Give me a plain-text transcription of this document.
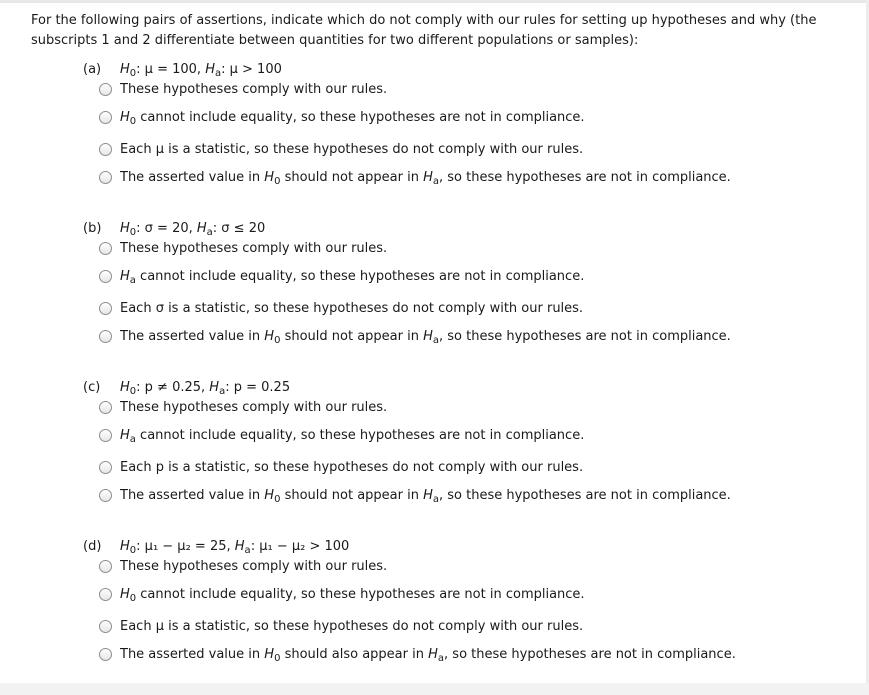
For the following pairs of assertions, indicate which do not comply with our rules for setting up hypotheses and why (the subscripts 1 and 2 differentiate between quantities for two different populations or samples):
(a) $H_0$: μ = 100, $H_a$: μ > 100
These hypotheses comply with our rules.
$H_0$ cannot include equality, so these hypotheses are not in compliance.
Each μ is a statistic, so these hypotheses do not comply with our rules.
The asserted value in $H_0$ should not appear in $H_a$, so these hypotheses are not in compliance.
(b) $H_0$: σ = 20, $H_a$: σ ≤ 20
These hypotheses comply with our rules.
$H_a$ cannot include equality, so these hypotheses are not in compliance.
Each σ is a statistic, so these hypotheses do not comply with our rules.
The asserted value in $H_0$ should not appear in $H_a$, so these hypotheses are not in compliance.
(c) $H_0$: p ≠ 0.25, $H_a$: p = 0.25
These hypotheses comply with our rules.
$H_a$ cannot include equality, so these hypotheses are not in compliance.
Each p is a statistic, so these hypotheses do not comply with our rules.
The asserted value in $H_0$ should not appear in $H_a$, so these hypotheses are not in compliance.
(d) $H_0$: μ₁ − μ₂ = 25, $H_a$: μ₁ − μ₂ > 100
These hypotheses comply with our rules.
$H_0$ cannot include equality, so these hypotheses are not in compliance.
Each μ is a statistic, so these hypotheses do not comply with our rules.
The asserted value in $H_0$ should also appear in $H_a$, so these hypotheses are not in compliance.
